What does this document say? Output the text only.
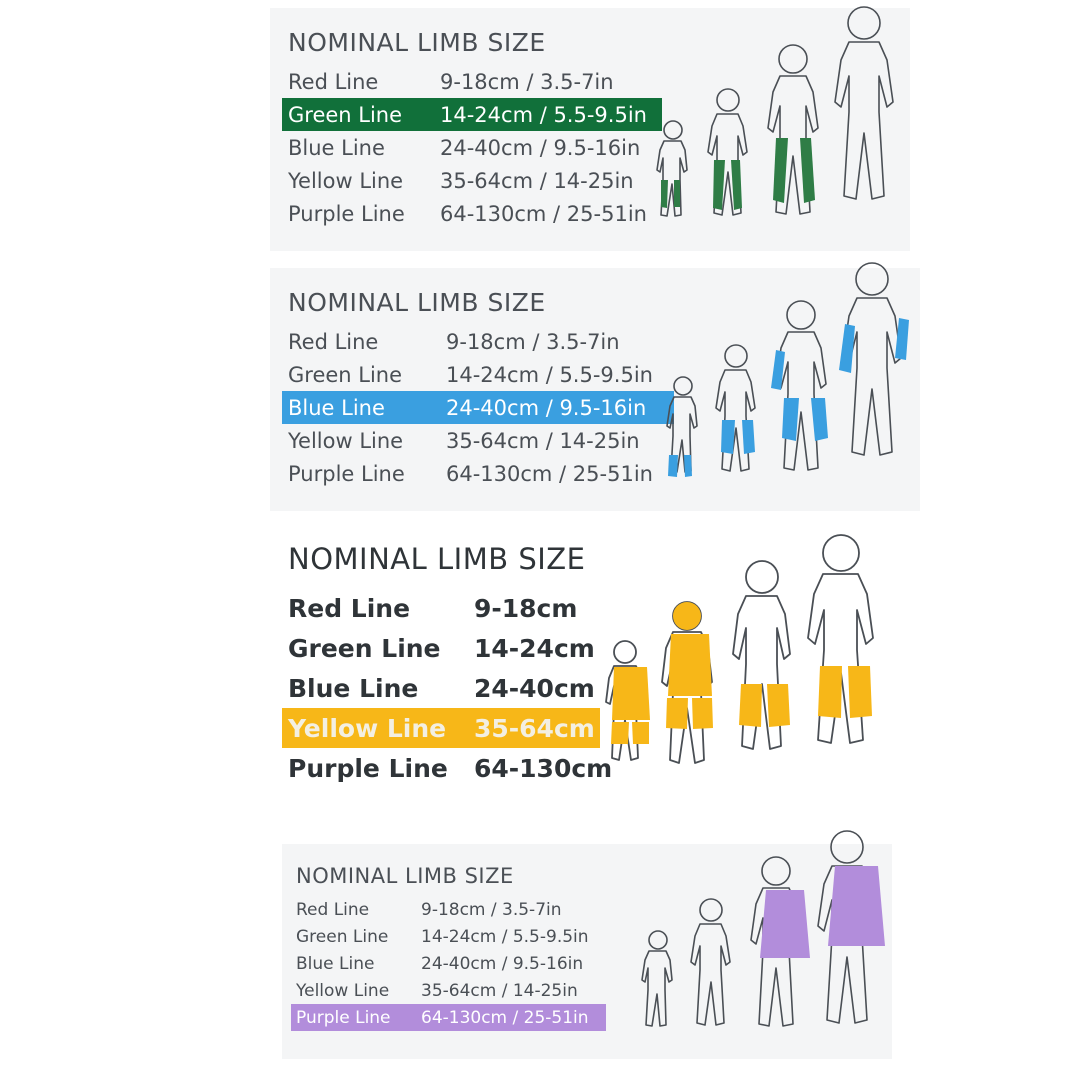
NOMINAL LIMB SIZE
Red Line	9-18cm / 3.5-7in
Green Line	14-24cm / 5.5-9.5in
Blue Line	24-40cm / 9.5-16in
Yellow Line	35-64cm / 14-25in
Purple Line	64-130cm / 25-51in
NOMINAL LIMB SIZE
Red Line	9-18cm / 3.5-7in
Green Line	14-24cm / 5.5-9.5in
Blue Line	24-40cm / 9.5-16in
Yellow Line	35-64cm / 14-25in
Purple Line	64-130cm / 25-51in
NOMINAL LIMB SIZE
Red Line	9-18cm
Green Line	14-24cm
Blue Line	24-40cm
Yellow Line	35-64cm
Purple Line	64-130cm
NOMINAL LIMB SIZE
Red Line	9-18cm / 3.5-7in
Green Line	14-24cm / 5.5-9.5in
Blue Line	24-40cm / 9.5-16in
Yellow Line	35-64cm / 14-25in
Purple Line	64-130cm / 25-51in
